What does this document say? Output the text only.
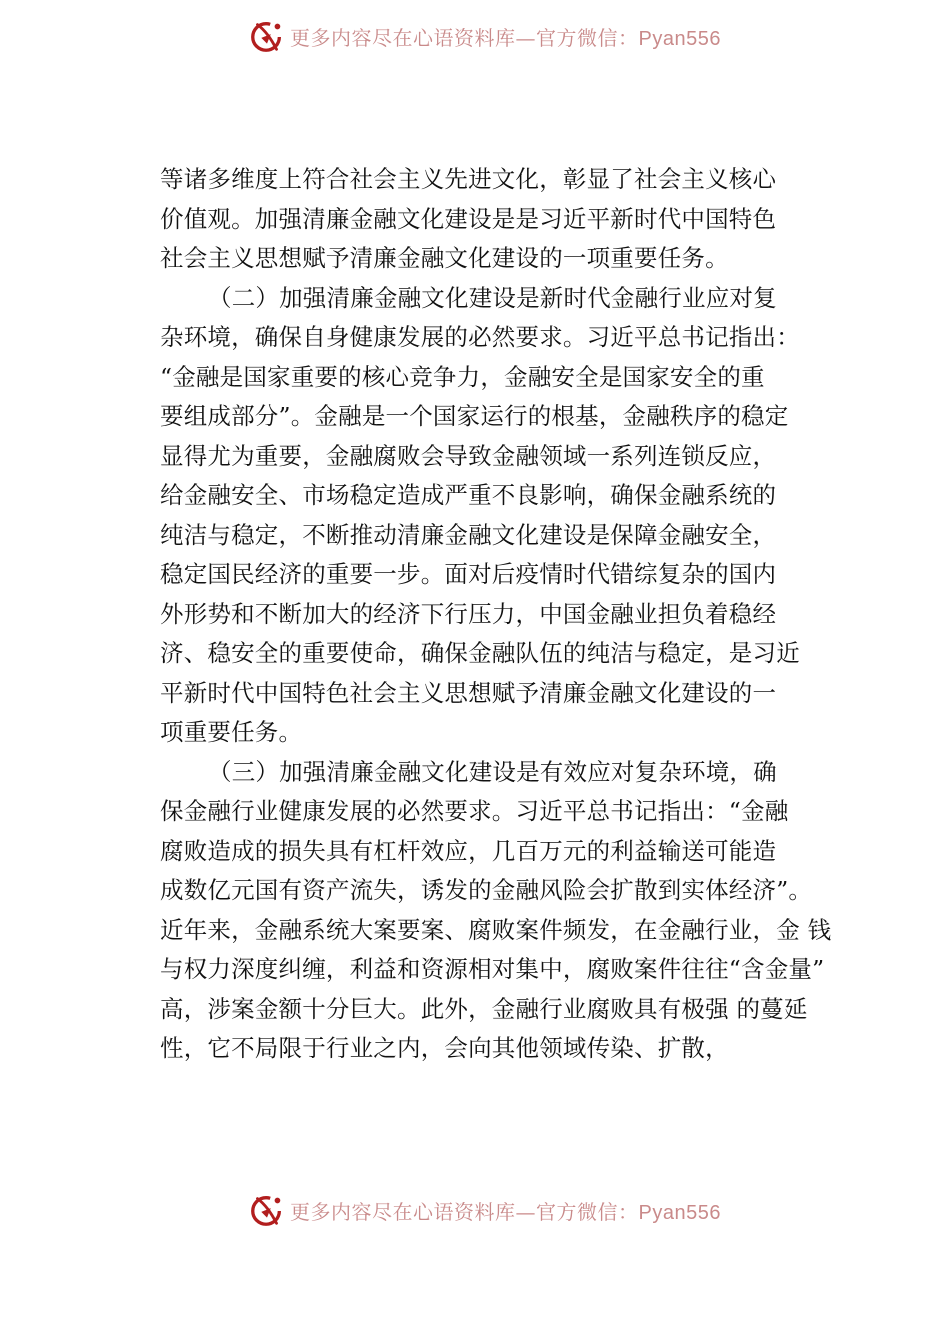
更多内容尽在心语资料库—官方微信：Pyan556
等诸多维度上符合社会主义先进文化，彰显了社会主义核心
价值观。加强清廉金融文化建设是是习近平新时代中国特色
社会主义思想赋予清廉金融文化建设的一项重要任务。
（二）加强清廉金融文化建设是新时代金融行业应对复
杂环境，确保自身健康发展的必然要求。习近平总书记指出：
“金融是国家重要的核心竞争力，金融安全是国家安全的重
要组成部分”。金融是一个国家运行的根基，金融秩序的稳定
显得尤为重要，金融腐败会导致金融领域一系列连锁反应，
给金融安全、市场稳定造成严重不良影响，确保金融系统的
纯洁与稳定，不断推动清廉金融文化建设是保障金融安全，
稳定国民经济的重要一步。面对后疫情时代错综复杂的国内
外形势和不断加大的经济下行压力，中国金融业担负着稳经
济、稳安全的重要使命，确保金融队伍的纯洁与稳定，是习近
平新时代中国特色社会主义思想赋予清廉金融文化建设的一
项重要任务。
（三）加强清廉金融文化建设是有效应对复杂环境，确
保金融行业健康发展的必然要求。习近平总书记指出：“金融
腐败造成的损失具有杠杆效应，几百万元的利益输送可能造
成数亿元国有资产流失，诱发的金融风险会扩散到实体经济”。
近年来，金融系统大案要案、腐败案件频发，在金融行业，金 钱
与权力深度纠缠，利益和资源相对集中，腐败案件往往“含金量”
高，涉案金额十分巨大。此外，金融行业腐败具有极强 的蔓延
性，它不局限于行业之内，会向其他领域传染、扩散，
更多内容尽在心语资料库—官方微信：Pyan556
